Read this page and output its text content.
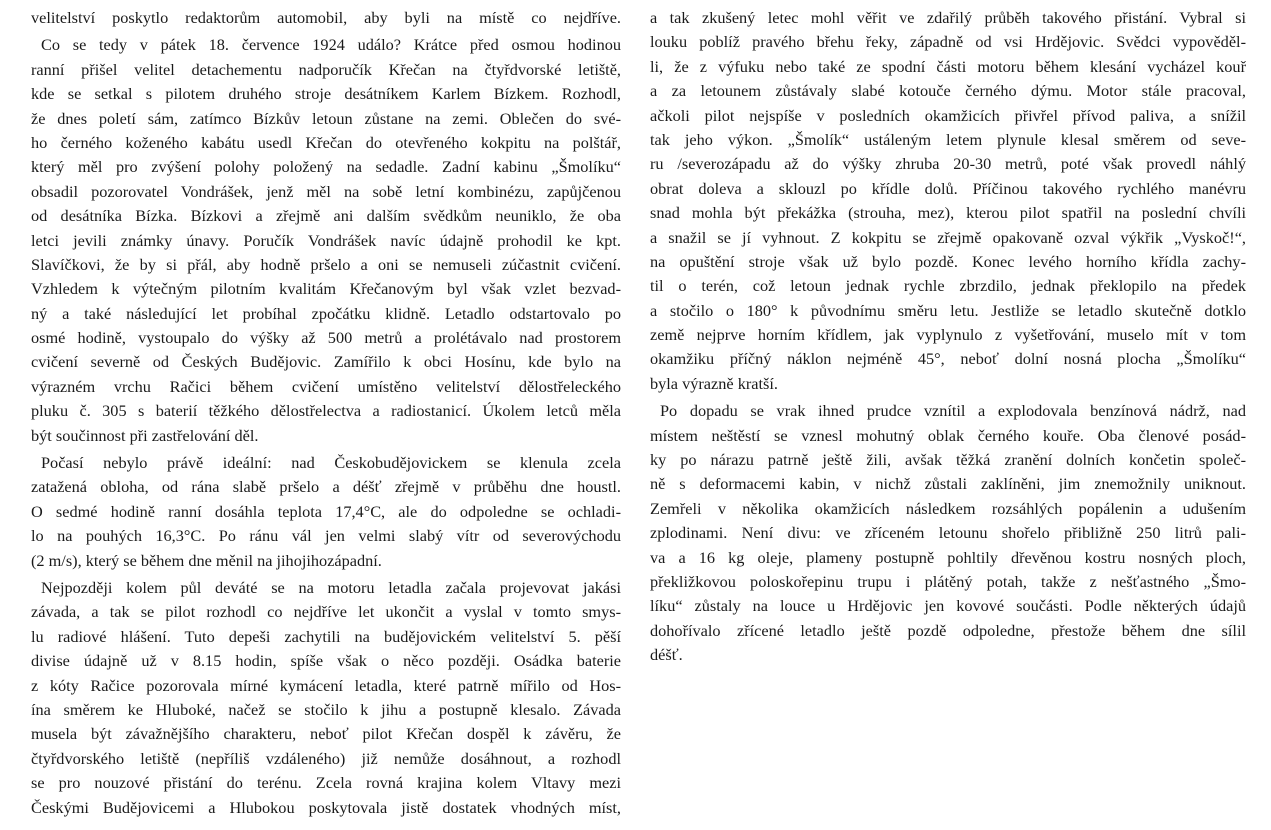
velitelství poskytlo redaktorům automobil, aby byli na místě co nejdříve.
Co se tedy v pátek 18. července 1924 událo? Krátce před osmou hodinou
ranní přišel velitel detachementu nadporučík Křečan na čtyřdvorské letiště,
kde se setkal s pilotem druhého stroje desátníkem Karlem Bízkem. Rozhodl,
že dnes poletí sám, zatímco Bízkův letoun zůstane na zemi. Oblečen do své-
ho černého koženého kabátu usedl Křečan do otevřeného kokpitu na polštář,
který měl pro zvýšení polohy položený na sedadle. Zadní kabinu „Šmolíku“
obsadil pozorovatel Vondrášek, jenž měl na sobě letní kombinézu, zapůjčenou
od desátníka Bízka. Bízkovi a zřejmě ani dalším svědkům neuniklo, že oba
letci jevili známky únavy. Poručík Vondrášek navíc údajně prohodil ke kpt.
Slavíčkovi, že by si přál, aby hodně pršelo a oni se nemuseli zúčastnit cvičení.
Vzhledem k výtečným pilotním kvalitám Křečanovým byl však vzlet bezvad-
ný a také následující let probíhal zpočátku klidně. Letadlo odstartovalo po
osmé hodině, vystoupalo do výšky až 500 metrů a prolétávalo nad prostorem
cvičení severně od Českých Budějovic. Zamířilo k obci Hosínu, kde bylo na
výrazném vrchu Račici během cvičení umístěno velitelství dělostřeleckého
pluku č. 305 s baterií těžkého dělostřelectva a radiostanicí. Úkolem letců měla
být součinnost při zastřelování děl.
Počasí nebylo právě ideální: nad Českobudějovickem se klenula zcela
zatažená obloha, od rána slabě pršelo a déšť zřejmě v průběhu dne houstl.
O sedmé hodině ranní dosáhla teplota 17,4°C, ale do odpoledne se ochladi-
lo na pouhých 16,3°C. Po ránu vál jen velmi slabý vítr od severovýchodu
(2 m/s), který se během dne měnil na jihojihozápadní.
Nejpozději kolem půl deváté se na motoru letadla začala projevovat jakási
závada, a tak se pilot rozhodl co nejdříve let ukončit a vyslal v tomto smys-
lu radiové hlášení. Tuto depeši zachytili na budějovickém velitelství 5. pěší
divise údajně už v 8.15 hodin, spíše však o něco později. Osádka baterie
z kóty Račice pozorovala mírné kymácení letadla, které patrně mířilo od Hos-
ína směrem ke Hluboké, načež se stočilo k jihu a postupně klesalo. Závada
musela být závažnějšího charakteru, neboť pilot Křečan dospěl k závěru, že
čtyřdvorského letiště (nepříliš vzdáleného) již nemůže dosáhnout, a rozhodl
se pro nouzové přistání do terénu. Zcela rovná krajina kolem Vltavy mezi
Českými Budějovicemi a Hlubokou poskytovala jistě dostatek vhodných míst,
a tak zkušený letec mohl věřit ve zdařilý průběh takového přistání. Vybral si
louku poblíž pravého břehu řeky, západně od vsi Hrdějovic. Svědci vypověděl-
li, že z výfuku nebo také ze spodní části motoru během klesání vycházel kouř
a za letounem zůstávaly slabé kotouče černého dýmu. Motor stále pracoval,
ačkoli pilot nejspíše v posledních okamžicích přivřel přívod paliva, a snížil
tak jeho výkon. „Šmolík“ ustáleným letem plynule klesal směrem od seve-
ru /severozápadu až do výšky zhruba 20-30 metrů, poté však provedl náhlý
obrat doleva a sklouzl po křídle dolů. Příčinou takového rychlého manévru
snad mohla být překážka (strouha, mez), kterou pilot spatřil na poslední chvíli
a snažil se jí vyhnout. Z kokpitu se zřejmě opakovaně ozval výkřik „Vyskoč!“,
na opuštění stroje však už bylo pozdě. Konec levého horního křídla zachy-
til o terén, což letoun jednak rychle zbrzdilo, jednak překlopilo na předek
a stočilo o 180° k původnímu směru letu. Jestliže se letadlo skutečně dotklo
země nejprve horním křídlem, jak vyplynulo z vyšetřování, muselo mít v tom
okamžiku příčný náklon nejméně 45°, neboť dolní nosná plocha „Šmolíku“
byla výrazně kratší.
Po dopadu se vrak ihned prudce vznítil a explodovala benzínová nádrž, nad
místem neštěstí se vznesl mohutný oblak černého kouře. Oba členové posád-
ky po nárazu patrně ještě žili, avšak těžká zranění dolních končetin společ-
ně s deformacemi kabin, v nichž zůstali zaklíněni, jim znemožnily uniknout.
Zemřeli v několika okamžicích následkem rozsáhlých popálenin a udušením
zplodinami. Není divu: ve zříceném letounu shořelo přibližně 250 litrů pali-
va a 16 kg oleje, plameny postupně pohltily dřevěnou kostru nosných ploch,
překližkovou poloskořepinu trupu i plátěný potah, takže z nešťastného „Šmo-
líku“ zůstaly na louce u Hrdějovic jen kovové součásti. Podle některých údajů
dohořívalo zřícené letadlo ještě pozdě odpoledne, přestože během dne sílil
déšť.
